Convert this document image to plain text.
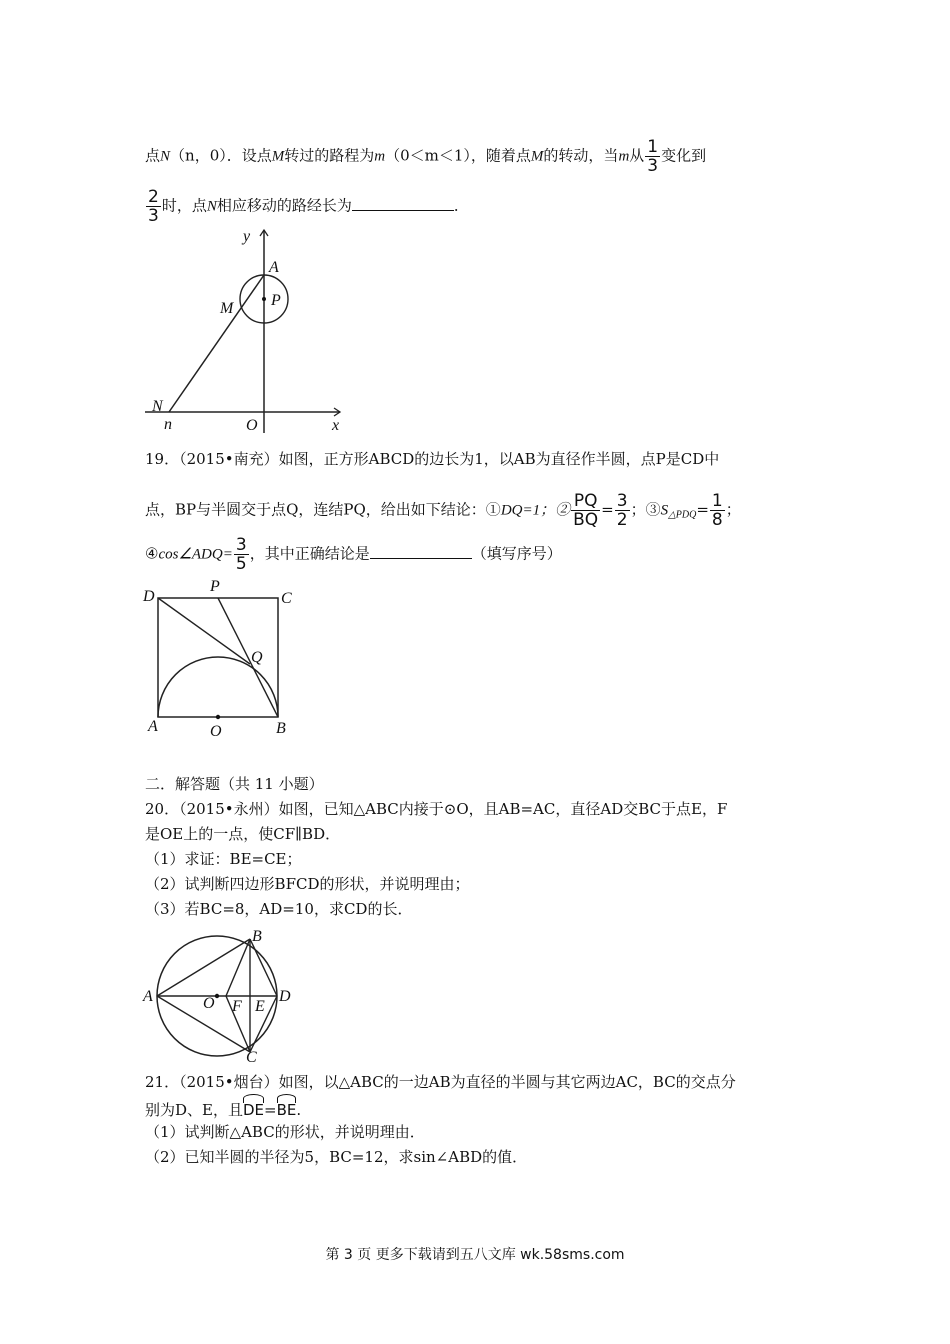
点N（n，0）．设点M转过的路程为m（0＜m＜1），随着点M的转动，当m从 $\frac{1}{3}$ 变化到
$\frac{2}{3}$ 时，点N相应移动的路经长为	．
y
A
P
M
N
n	O	x
19．（2015•南充）如图，正方形ABCD的边长为1，以AB为直径作半圆，点P是CD中
点，BP与半圆交于点Q，连结PQ，给出如下结论：①DQ=1；② $\frac{PQ}{BQ} = \frac{3}{2}$ ；$③S_{\triangle PDQ}= \frac{1}{8}$ ；
④cos∠ADQ= $\frac{3}{5}$ ，其中正确结论是	（填写序号）
D
P
C
Q
A	O	B
二．解答题（共 11 小题）
20．（2015•永州）如图，已知△ABC内接于⊙O，且AB=AC，直径AD交BC于点E，F
是OE上的一点，使CF∥BD．
（1）求证：BE=CE；
（2）试判断四边形BFCD的形状，并说明理由；
（3）若BC=8，AD=10，求CD的长．
B
A	O F E
D
C
21．（2015•烟台）如图，以△ABC的一边AB为直径的半圆与其它两边AC，BC的交点分
别为D、E，且DE=BE.
（1）试判断△ABC的形状，并说明理由．
（2）已知半圆的半径为5，BC=12，求sin∠ABD的值．
第 3 页 更多下载请到五八文库 wk.58sms.com
